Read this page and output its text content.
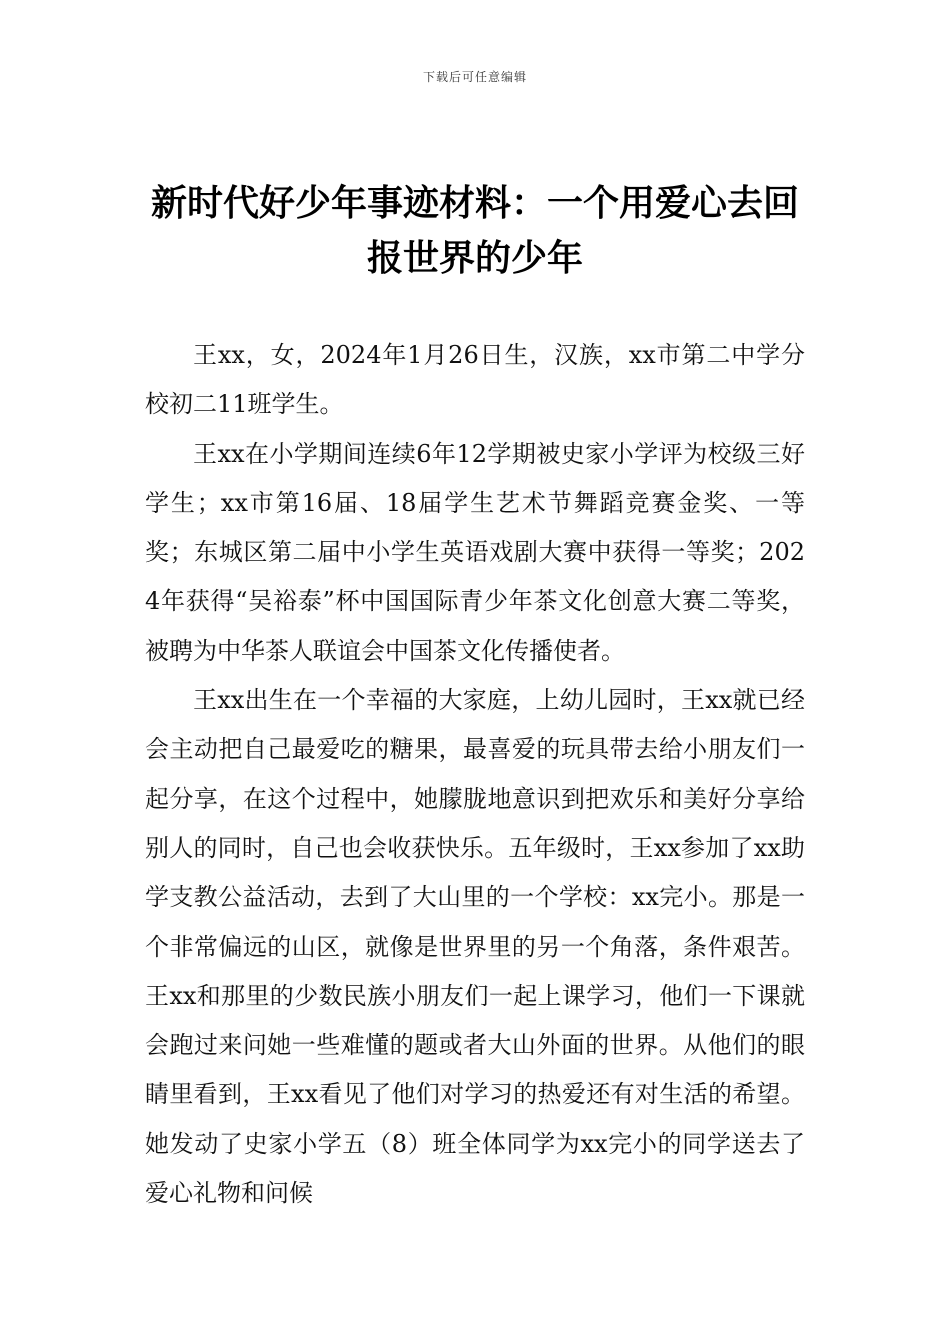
下载后可任意编辑
新时代好少年事迹材料：一个用爱心去回报世界的少年

王xx，女，2024年1月26日生，汉族，xx市第二中学分校初二11班学生。

王xx在小学期间连续6年12学期被史家小学评为校级三好学生；xx市第16届、18届学生艺术节舞蹈竞赛金奖、一等奖；东城区第二届中小学生英语戏剧大赛中获得一等奖；2024年获得“吴裕泰”杯中国国际青少年茶文化创意大赛二等奖，被聘为中华茶人联谊会中国茶文化传播使者。

王xx出生在一个幸福的大家庭，上幼儿园时，王xx就已经会主动把自己最爱吃的糖果，最喜爱的玩具带去给小朋友们一起分享，在这个过程中，她朦胧地意识到把欢乐和美好分享给别人的同时，自己也会收获快乐。五年级时，王xx参加了xx助学支教公益活动，去到了大山里的一个学校：xx完小。那是一个非常偏远的山区，就像是世界里的另一个角落，条件艰苦。王xx和那里的少数民族小朋友们一起上课学习，他们一下课就会跑过来问她一些难懂的题或者大山外面的世界。从他们的眼睛里看到，王xx看见了他们对学习的热爱还有对生活的希望。她发动了史家小学五（8）班全体同学为xx完小的同学送去了爱心礼物和问候
